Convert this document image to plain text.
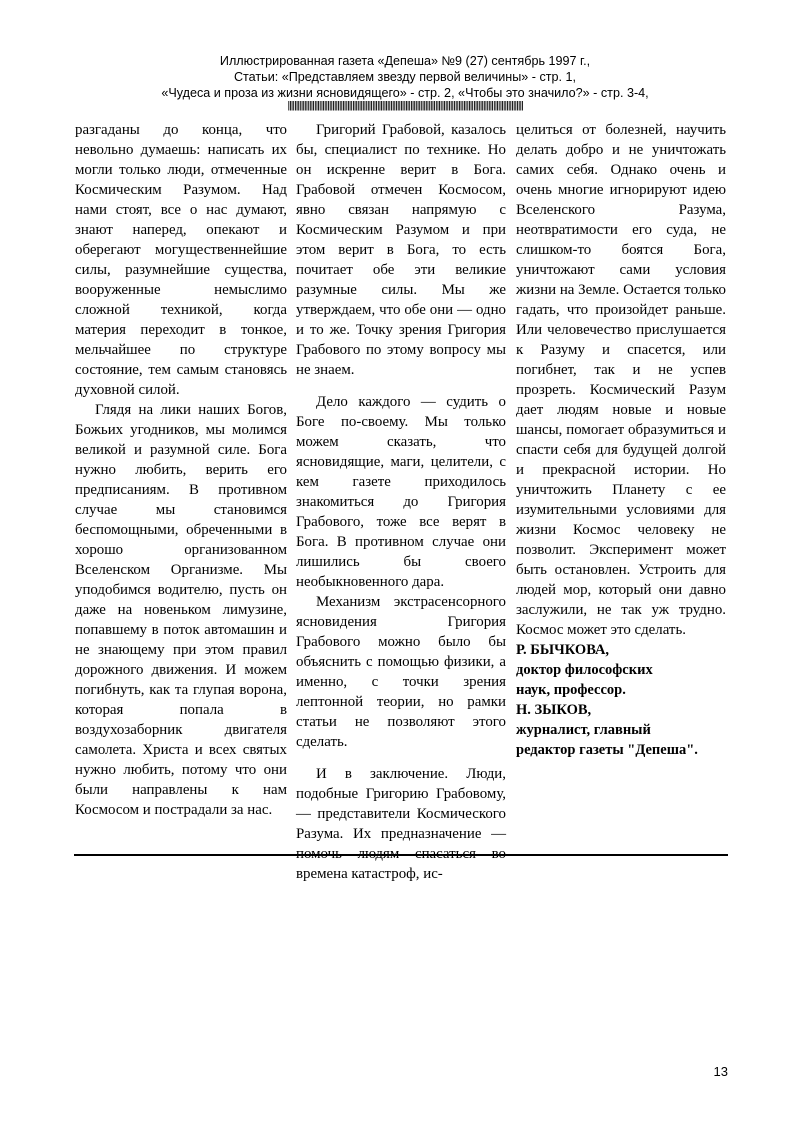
Иллюстрированная газета «Депеша» №9 (27) сентябрь 1997 г.,
Статьи: «Представляем звезду первой величины» - стр. 1,
«Чудеса и проза из жизни ясновидящего» - стр. 2, «Чтобы это значило?» - стр. 3-4,
||||||||||||||||||||||||||||||||||||||||||||||||||||||||||||||||||||||||||||||||||||||||||||||||||||||||||||||||||||||||||||||||||||||||||||||

разгаданы до конца, что невольно думаешь: написать их могли только люди, отмеченные Космическим Разумом. Над нами стоят, все о нас думают, знают наперед, опекают и оберегают могущественнейшие силы, разумнейшие существа, вооруженные немыслимо сложной техникой, когда материя переходит в тонкое, мельчайшее по структуре состояние, тем самым становясь духовной силой.

Глядя на лики наших Богов, Божьих угодников, мы молимся великой и разумной силе. Бога нужно любить, верить его предписаниям. В противном случае мы становимся беспомощными, обреченными в хорошо организованном Вселенском Организме. Мы уподобимся водителю, пусть он даже на новеньком лимузине, попавшему в поток автомашин и не знающему при этом правил дорожного движения. И можем погибнуть, как та глупая ворона, которая попала в воздухозаборник двигателя самолета. Христа и всех святых нужно любить, потому что они были направлены к нам Космосом и пострадали за нас.

Григорий Грабовой, казалось бы, специалист по технике. Но он искренне верит в Бога. Грабовой отмечен Космосом, явно связан напрямую с Космическим Разумом и при этом верит в Бога, то есть почитает обе эти великие разумные силы. Мы же утверждаем, что обе они — одно и то же. Точку зрения Григория Грабового по этому вопросу мы не знаем.

Дело каждого — судить о Боге по-своему. Мы только можем сказать, что ясновидящие, маги, целители, с кем газете приходилось знакомиться до Григория Грабового, тоже все верят в Бога. В противном случае они лишились бы своего необыкновенного дара.

Механизм экстрасенсорного ясновидения Григория Грабового можно было бы объяснить с помощью физики, а именно, с точки зрения лептонной теории, но рамки статьи не позволяют этого сделать.

И в заключение. Люди, подобные Григорию Грабовому, — представители Космического Разума. Их предназначение — помочь людям спасаться во времена катастроф, ис-

целиться от болезней, научить делать добро и не уничтожать самих себя. Однако очень и очень многие игнорируют идею Вселенского Разума, неотвратимости его суда, не слишком-то боятся Бога, уничтожают сами условия жизни на Земле. Остается только гадать, что произойдет раньше. Или человечество прислушается к Разуму и спасется, или погибнет, так и не успев прозреть. Космический Разум дает людям новые и новые шансы, помогает образумиться и спасти себя для будущей долгой и прекрасной истории. Но уничтожить Планету с ее изумительными условиями для жизни Космос человеку не позволит. Эксперимент может быть остановлен. Устроить для людей мор, который они давно заслужили, не так уж трудно. Космос может это сделать.

Р. БЫЧКОВА,

доктор философских

наук, профессор.

Н. ЗЫКОВ,

журналист, главный

редактор газеты "Депеша".

13
